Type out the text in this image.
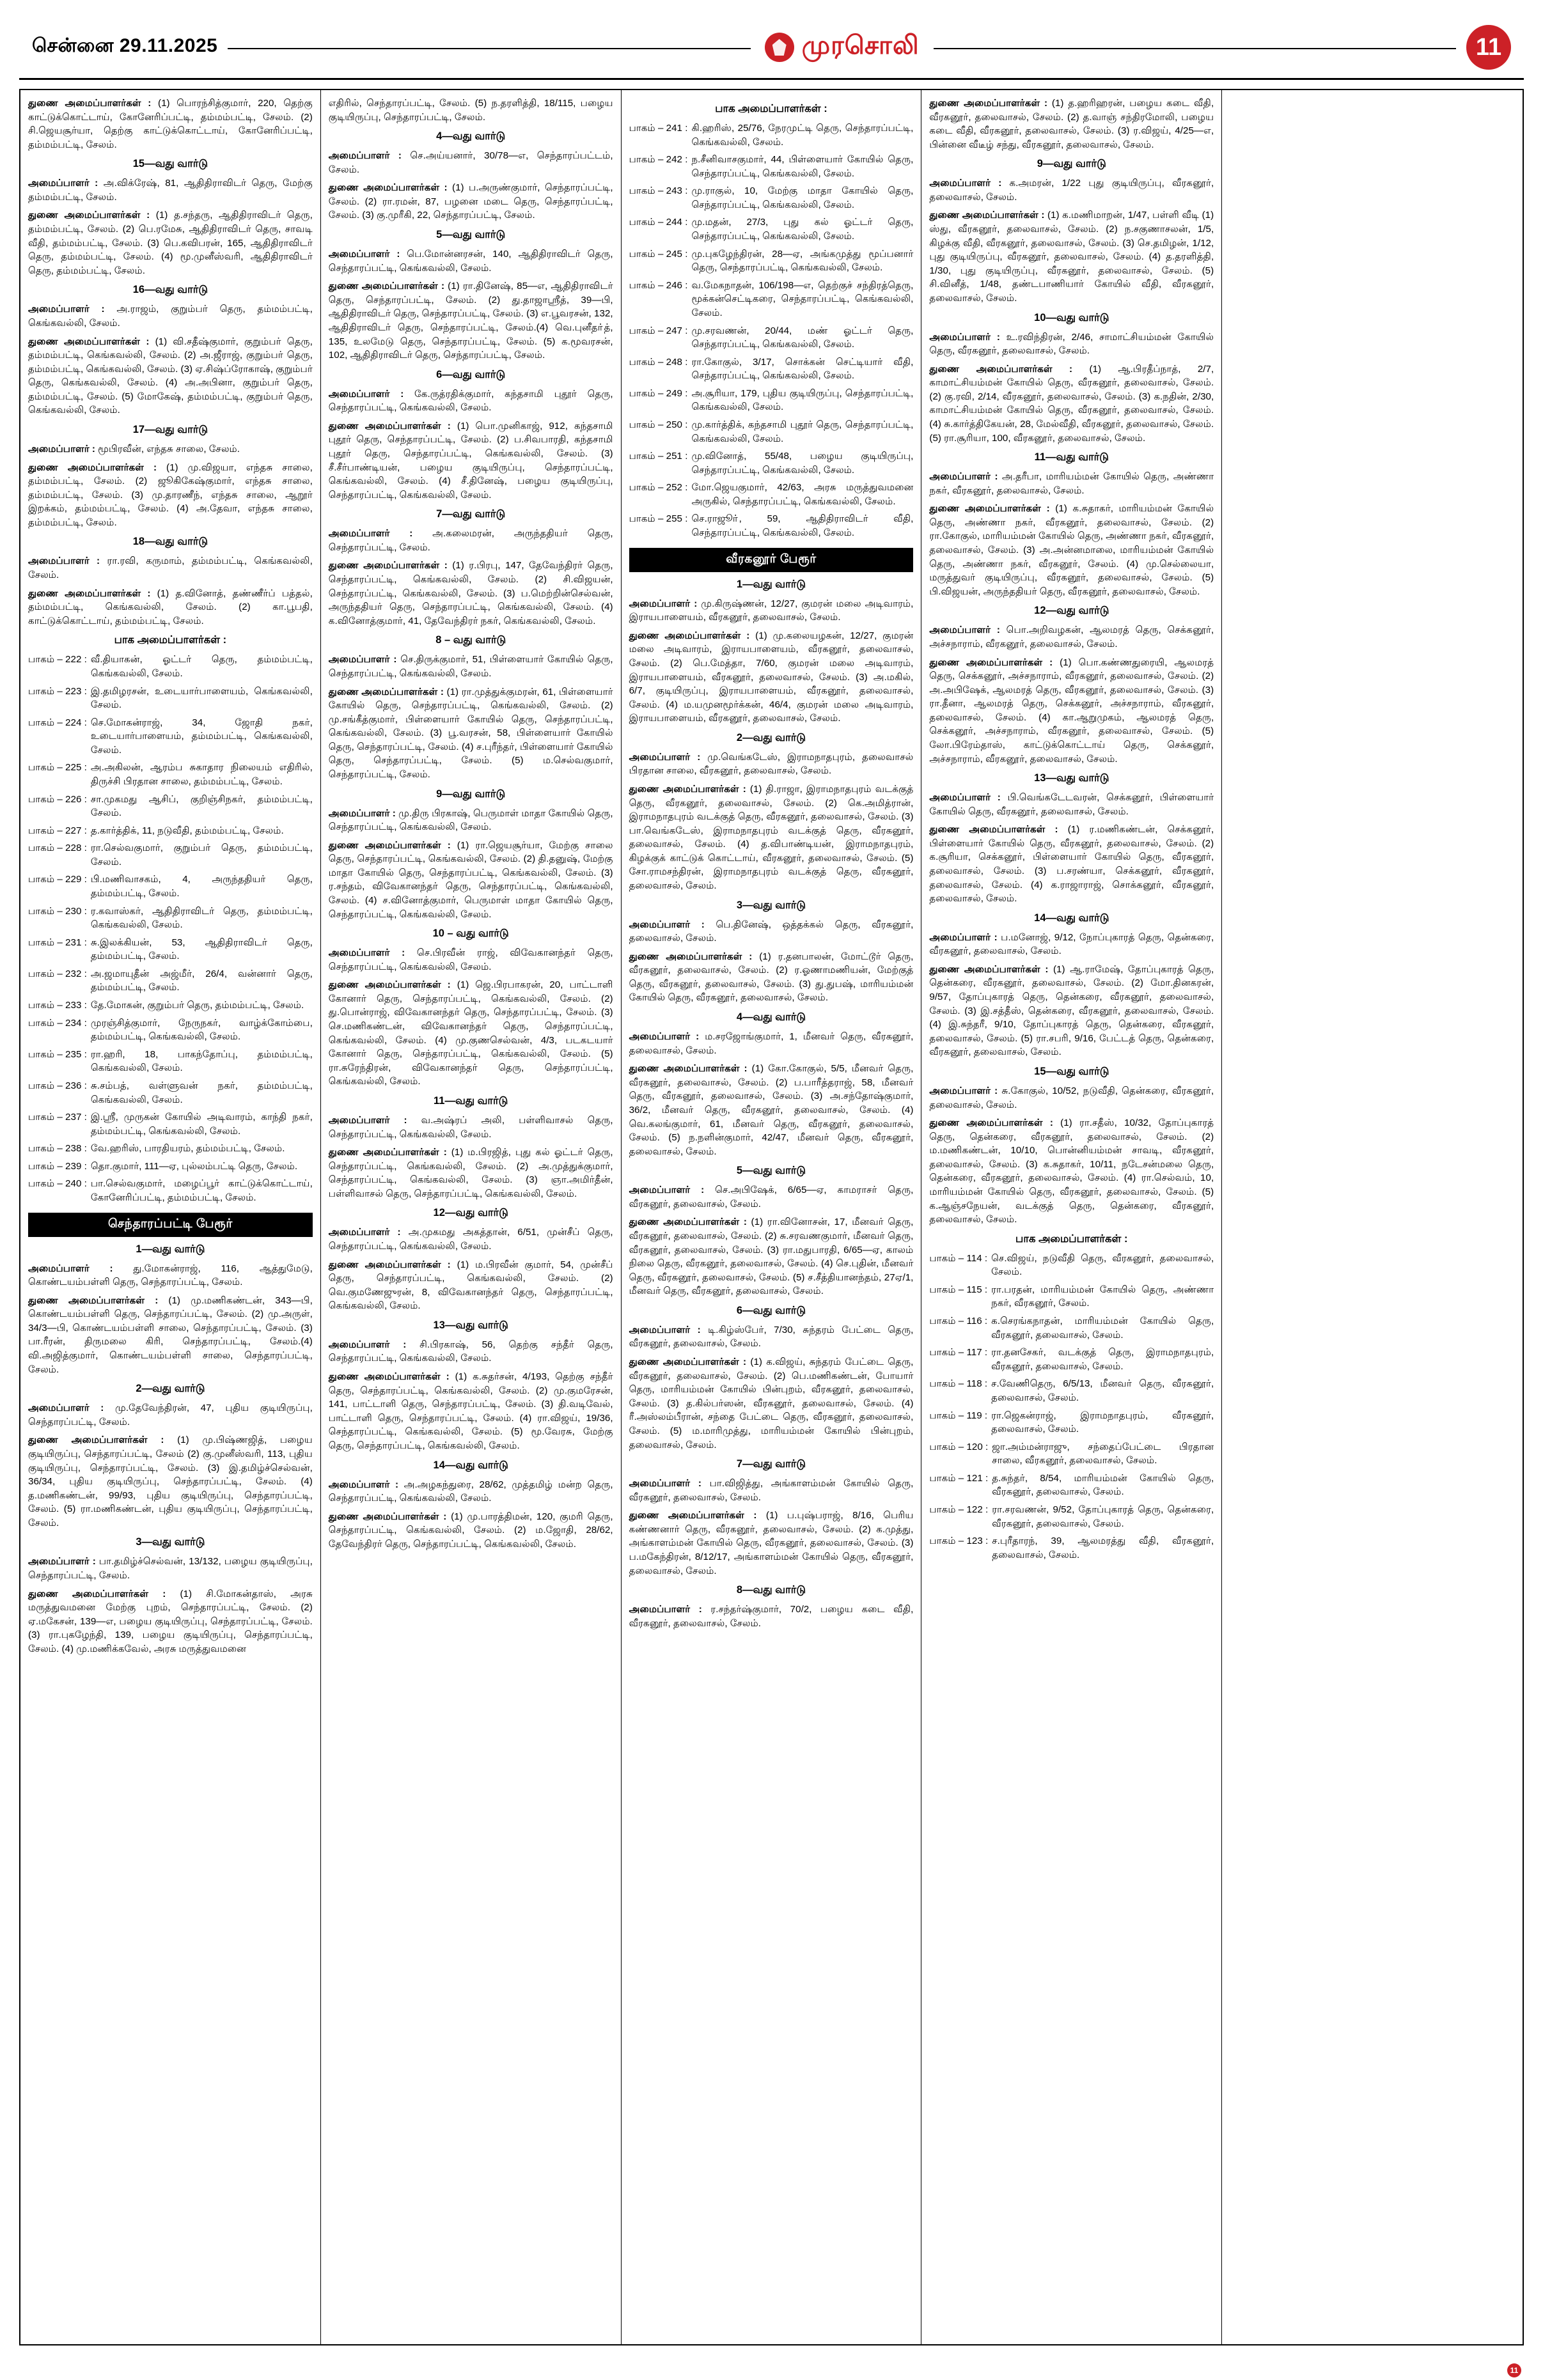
சென்னை 29.11.2025	முரசொலி	11

துணை அமைப்பாளர்கள் : (1) பொரந்சித்குமார், 220, தெற்கு காட்டுக்கொட்டாய், கோனேரிப்பட்டி, தம்மம்பட்டி, சேலம். (2) சி.ஜெயசூர்யா, தெற்கு காட்டுக்கொட்டாய், கோனேரிப்பட்டி, தம்மம்பட்டி, சேலம்.

15—வது வார்டு

அமைப்பாளர் : அ.விக்ரேஷ், 81, ஆதிதிராவிடர் தெரு, மேற்கு தம்மம்பட்டி, சேலம்.

துணை அமைப்பாளர்கள் : (1) த.சந்தரு, ஆதிதிராவிடர் தெரு, தம்மம்பட்டி, சேலம். (2) பெ.ரமேசு, ஆதிதிராவிடர் தெரு, சாவடி வீதி, தம்மம்பட்டி, சேலம். (3) பெ.கவிபரன், 165, ஆதிதிராவிடர் தெரு, தம்மம்பட்டி, சேலம். (4) மூ.முனீஸ்வரி, ஆதிதிராவிடர் தெரு, தம்மம்பட்டி, சேலம்.

16—வது வார்டு

அமைப்பாளர் : அ.ராஜம், குறும்பர் தெரு, தம்மம்பட்டி, கெங்கவல்லி, சேலம்.

துணை அமைப்பாளர்கள் : (1) வி.சதீஷ்குமார், குறும்பர் தெரு, தம்மம்பட்டி, கெங்கவல்லி, சேலம். (2) அ.ஜீராஜ், குறும்பர் தெரு, தம்மம்பட்டி, கெங்கவல்லி, சேலம். (3) ஏ.சிஷ்ப்ரோகாஷ், குறும்பர் தெரு, கெங்கவல்லி, சேலம். (4) அ.அபினா, குறும்பர் தெரு, தம்மம்பட்டி, சேலம். (5) மோகேஷ், தம்மம்பட்டி, குறும்பர் தெரு, கெங்கவல்லி, சேலம்.

17—வது வார்டு

அமைப்பாளர் : மூபிரவீன், எந்தசு சாலை, சேலம்.

துணை அமைப்பாளர்கள் : (1) மு.விஜயா, எந்தசு சாலை, தம்மம்பட்டி, சேலம். (2) ஜூகிகேஷ்குமார், எந்தசு சாலை, தம்மம்பட்டி, சேலம். (3) மு.தாரணீந், எந்தசு சாலை, ஆறூர் இறக்கம், தம்மம்பட்டி, சேலம். (4) அ.தேவா, எந்தசு சாலை, தம்மம்பட்டி, சேலம்.

18—வது வார்டு

அமைப்பாளர் : ரா.ரவி, கருமாம், தம்மம்பட்டி, கெங்கவல்லி, சேலம்.

துணை அமைப்பாளர்கள் : (1) த.வினோத், தண்ணீர்ப் பத்தல், தம்மம்பட்டி, கெங்கவல்லி, சேலம். (2) கா.பூபதி, காட்டுக்கொட்டாய், தம்மம்பட்டி, சேலம்.

பாக அமைப்பாளர்கள் :
பாகம் – 222 : வீ.தியாகன், ஓட்டர் தெரு, தம்மம்பட்டி, கெங்கவல்லி, சேலம்.
பாகம் – 223 : இ.தமிழரசன், உடையார்பாளையம், கெங்கவல்லி, சேலம்.
பாகம் – 224 : செ.மோகன்ராஜ், 34, ஜோதி நகர், உடையார்பாளையம், தம்மம்பட்டி, கெங்கவல்லி, சேலம்.
பாகம் – 225 : அ.அகிலன், ஆரம்ப சுகாதார நிலையம் எதிரில், திருச்சி பிரதான சாலை, தம்மம்பட்டி, சேலம்.
பாகம் – 226 : சா.முகமது ஆசிப், குறிஞ்சிநகர், தம்மம்பட்டி, சேலம்.
பாகம் – 227 : த.கார்த்திக், 11, நடுவீதி, தம்மம்பட்டி, சேலம்.
பாகம் – 228 : ரா.செல்வகுமார், குறும்பர் தெரு, தம்மம்பட்டி, சேலம்.
பாகம் – 229 : பி.மணிவாசகம், 4, அருந்ததியர் தெரு, தம்மம்பட்டி, சேலம்.
பாகம் – 230 : ர.கவாஸ்கர், ஆதிதிராவிடர் தெரு, தம்மம்பட்டி, கெங்கவல்லி, சேலம்.
பாகம் – 231 : சு.இலக்கியன், 53, ஆதிதிராவிடர் தெரு, தம்மம்பட்டி, சேலம்.
பாகம் – 232 : அ.ஜமாயுதீன் அஜ்மீர், 26/4, வன்னார் தெரு, தம்மம்பட்டி, சேலம்.
பாகம் – 233 : தே.மோகன், குறும்பர் தெரு, தம்மம்பட்டி, சேலம்.
பாகம் – 234 : முரஞ்சித்குமார், நேருநகர், வாழ்க்கோம்பை, தம்மம்பட்டி, கெங்கவல்லி, சேலம்.
பாகம் – 235 : ரா.ஹரி, 18, பாகந்தோப்பு, தம்மம்பட்டி, கெங்கவல்லி, சேலம்.
பாகம் – 236 : சு.சம்பத், வள்ளுவன் நகர், தம்மம்பட்டி, கெங்கவல்லி, சேலம்.
பாகம் – 237 : இ.ஸ்ரீ, முருகன் கோயில் அடிவாரம், காந்தி நகர், தம்மம்பட்டி, கெங்கவல்லி, சேலம்.
பாகம் – 238 : வே.ஹரிஸ், பாரதியரம், தம்மம்பட்டி, சேலம்.
பாகம் – 239 : தொ.குமார், 111—ஏ, புல்லம்பட்டி தெரு, சேலம்.
பாகம் – 240 : பா.செல்வகுமார், மழைப்பூர் காட்டுக்கொட்டாய், கோனேரிப்பட்டி, தம்மம்பட்டி, சேலம்.
செந்தாரப்பட்டி பேரூர்
1—வது வார்டு

அமைப்பாளர் : து.மோகன்ராஜ், 116, ஆத்துமேடு, கொண்டயம்பள்ளி தெரு, செந்தாரப்பட்டி, சேலம்.

துணை அமைப்பாளர்கள் : (1) மு.மணிகண்டன், 343—பி, கொண்டயம்பள்ளி தெரு, செந்தாரப்பட்டி, சேலம். (2) மு.அருள், 34/3—பி, கொண்டயம்பள்ளி சாலை, செந்தாரப்பட்டி, சேலம். (3) பா.ரீரன், திருமலை கிரி, செந்தாரப்பட்டி, சேலம்.(4) வி.அஜித்குமார், கொண்டயம்பள்ளி சாலை, செந்தாரப்பட்டி, சேலம்.

2—வது வார்டு

அமைப்பாளர் : மு.தேவேந்திரன், 47, புதிய குடியிருப்பு, செந்தாரப்பட்டி, சேலம்.

துணை அமைப்பாளர்கள் : (1) மு.பிஷ்ணஜித், பழைய குடியிருப்பு, செந்தாரப்பட்டி, சேலம் (2) கு.முனீஸ்வரி, 113, புதிய குடியிருப்பு, செந்தாரப்பட்டி, சேலம். (3) இ.தமிழ்ச்செல்வன், 36/34, புதிய குடியிருப்பு, செந்தாரப்பட்டி, சேலம். (4) த.மணிகண்டன், 99/93, புதிய குடியிருப்பு, செந்தாரப்பட்டி, சேலம். (5) ரா.மணிகண்டன், புதிய குடியிருப்பு, செந்தாரப்பட்டி, சேலம்.

3—வது வார்டு

அமைப்பாளர் : பா.தமிழ்ச்செல்வன், 13/132, பழைய குடியிருப்பு, செந்தாரப்பட்டி, சேலம்.

துணை அமைப்பாளர்கள் : (1) சி.மோகன்தாஸ், அரசு மருத்துவமனை மேற்கு புறம், செந்தாரப்பட்டி, சேலம். (2) ஏ.மகேசன், 139—எ, பழைய குடியிருப்பு, செந்தாரப்பட்டி, சேலம். (3) ரா.புகழேந்தி, 139, பழைய குடியிருப்பு, செந்தாரப்பட்டி, சேலம். (4) மு.மணிக்கவேல், அரசு மருத்துவமனை

எதிரில், செந்தாரப்பட்டி, சேலம். (5) ந.தரளித்தி, 18/115, பழைய குடியிருப்பு, செந்தாரப்பட்டி, சேலம்.

4—வது வார்டு

அமைப்பாளர் : செ.அய்யனார், 30/78—எ, செந்தாரப்பட்டம், சேலம்.

துணை அமைப்பாளர்கள் : (1) ப.அருண்குமார், செந்தாரப்பட்டி, சேலம். (2) ரா.ரமன், 87, பழனை மடை தெரு, செந்தாரப்பட்டி, சேலம். (3) கு.முரீகி, 22, செந்தாரப்பட்டி, சேலம்.

5—வது வார்டு

அமைப்பாளர் : பெ.மோன்னரசன், 140, ஆதிதிராவிடர் தெரு, செந்தாரப்பட்டி, கெங்கவல்லி, சேலம்.

துணை அமைப்பாளர்கள் : (1) ரா.தினேஷ், 85—எ, ஆதிதிராவிடர் தெரு, செந்தாரப்பட்டி, சேலம். (2) து.தாஜாஸ்ரீத், 39—பி, ஆதிதிராவிடர் தெரு, செந்தாரப்பட்டி, சேலம். (3) எ.பூவரசன், 132, ஆதிதிராவிடர் தெரு, செந்தாரப்பட்டி, சேலம்.(4) வெ.புனீதா்த், 135, உலமேடு தெரு, செந்தாரப்பட்டி, சேலம். (5) க.மூவரசன், 102, ஆதிதிராவிடர் தெரு, செந்தாரப்பட்டி, சேலம்.

6—வது வார்டு

அமைப்பாளர் : கே.ருத்ரதிக்குமார், கந்தசாமி புதூர் தெரு, செந்தாரப்பட்டி, கெங்கவல்லி, சேலம்.

துணை அமைப்பாளர்கள் : (1) பொ.முனிகாஜ், 912, கந்தசாமி புதூர் தெரு, செந்தாரப்பட்டி, சேலம். (2) ப.சிவபாரதி, கந்தசாமி புதூர் தெரு, செந்தாரப்பட்டி, கெங்கவல்லி, சேலம். (3) சீ.சீர்பாண்டியன், பழைய குடியிருப்பு, செந்தாரப்பட்டி, கெங்கவல்லி, சேலம். (4) சீ.தினேஷ், பழைய குடியிருப்பு, செந்தாரப்பட்டி, கெங்கவல்லி, சேலம்.

7—வது வார்டு

அமைப்பாளர் : அ.கலைமரன், அருந்ததியர் தெரு, செந்தாரப்பட்டி, சேலம்.

துணை அமைப்பாளர்கள் : (1) ர.பிரபு, 147, தேவேந்திரர் தெரு, செந்தாரப்பட்டி, கெங்கவல்லி, சேலம். (2) சி.விஜயன், செந்தாரப்பட்டி, கெங்கவல்லி, சேலம். (3) ப.மெற்றின்செல்வன், அருந்ததியர் தெரு, செந்தாரப்பட்டி, கெங்கவல்லி, சேலம். (4) க.வினோத்குமார், 41, தேவேந்திரர் நகர், கெங்கவல்லி, சேலம்.

8 – வது வார்டு

அமைப்பாளர் : செ.திருக்குமார், 51, பிள்ளையார் கோயில் தெரு, செந்தாரப்பட்டி, கெங்கவல்லி, சேலம்.

துணை அமைப்பாளர்கள் : (1) ரா.முத்துக்குமரன், 61, பிள்ளையார் கோயில் தெரு, செந்தாரப்பட்டி, கெங்கவல்லி, சேலம். (2) மு.சங்கீத்குமார், பிள்ளையார் கோயில் தெரு, செந்தாரப்பட்டி, கெங்கவல்லி, சேலம். (3) பூ.வரசன், 58, பிள்ளையார் கோயில் தெரு, செந்தாரப்பட்டி, சேலம். (4) ச.புரீந்தர், பிள்ளையார் கோயில் தெரு, செந்தாரப்பட்டி, சேலம். (5) ம.செல்வகுமார், செந்தாரப்பட்டி, சேலம்.

9—வது வார்டு

அமைப்பாளர் : மு.திரு பிரகாஷ், பெருமாள் மாதா கோயில் தெரு, செந்தாரப்பட்டி, கெங்கவல்லி, சேலம்.

துணை அமைப்பாளர்கள் : (1) ரா.ஜெயசூர்யா, மேற்கு சாலை தெரு, செந்தாரப்பட்டி, கெங்கவல்லி, சேலம். (2) தி.தனுஷ், மேற்கு மாதா கோயில் தெரு, செந்தாரப்பட்டி, கெங்கவல்லி, சேலம். (3) ர.சந்தம், விவேகானந்தர் தெரு, செந்தாரப்பட்டி, கெங்கவல்லி, சேலம். (4) ச.வினோத்குமார், பெருமாள் மாதா கோயில் தெரு, செந்தாரப்பட்டி, கெங்கவல்லி, சேலம்.

10 – வது வார்டு

அமைப்பாளர் : செ.பிரவீன் ராஜ், விவேகானந்தர் தெரு, செந்தாரப்பட்டி, கெங்கவல்லி, சேலம்.

துணை அமைப்பாளர்கள் : (1) ஜெ.பிரபாகரன், 20, பாட்டாளி கோனார் தெரு, செந்தாரப்பட்டி, கெங்கவல்லி, சேலம். (2) து.பொன்ராஜ், விவேகானந்தர் தெரு, செந்தாரப்பட்டி, சேலம். (3) செ.மணிகண்டன், விவேகானந்தர் தெரு, செந்தாரப்பட்டி, கெங்கவல்லி, சேலம். (4) மு.குணசெல்வன், 4/3, படகடயார் கோனார் தெரு, செந்தாரப்பட்டி, கெங்கவல்லி, சேலம். (5) ரா.சுரேந்திரன், விவேகானந்தர் தெரு, செந்தாரப்பட்டி, கெங்கவல்லி, சேலம்.

11—வது வார்டு

அமைப்பாளர் : வ.அஷ்ரப் அலி, பள்ளிவாசல் தெரு, செந்தாரப்பட்டி, கெங்கவல்லி, சேலம்.

துணை அமைப்பாளர்கள் : (1) ம.பிரஜித், புது கல் ஓட்டர் தெரு, செந்தாரப்பட்டி, கெங்கவல்லி, சேலம். (2) அ.முத்துக்குமார், செந்தாரப்பட்டி, கெங்கவல்லி, சேலம். (3) ஞா.அமிர்தீன், பள்ளிவாசல் தெரு, செந்தாரப்பட்டி, கெங்கவல்லி, சேலம்.

12—வது வார்டு

அமைப்பாளர் : அ.முகமது அகத்தான், 6/51, முன்சீப் தெரு, செந்தாரப்பட்டி, கெங்கவல்லி, சேலம்.

துணை அமைப்பாளர்கள் : (1) ம.பிரவீன் குமார், 54, முன்சீப் தெரு, செந்தாரப்பட்டி, கெங்கவல்லி, சேலம். (2) வெ.குமணேஜுரன், 8, விவேகானந்தர் தெரு, செந்தாரப்பட்டி, கெங்கவல்லி, சேலம்.

13—வது வார்டு

அமைப்பாளர் : சி.பிரகாஷ், 56, தெற்கு சந்தீர் தெரு, செந்தாரப்பட்டி, கெங்கவல்லி, சேலம்.

துணை அமைப்பாளர்கள் : (1) க.சுதர்சன், 4/193, தெற்கு சந்தீர் தெரு, செந்தாரப்பட்டி, கெங்கவல்லி, சேலம். (2) மு.குமரேசன், 141, பாட்டாளி தெரு, செந்தாரப்பட்டி, சேலம். (3) தி.வடிவேல், பாட்டாளி தெரு, செந்தாரப்பட்டி, சேலம். (4) ரா.விஜய், 19/36, செந்தாரப்பட்டி, கெங்கவல்லி, சேலம். (5) மூ.வேரசு, மேற்கு தெரு, செந்தாரப்பட்டி, கெங்கவல்லி, சேலம்.

14—வது வார்டு

அமைப்பாளர் : அ.அழகந்துரை, 28/62, முத்தமிழ் மன்ற தெரு, செந்தாரப்பட்டி, கெங்கவல்லி, சேலம்.

துணை அமைப்பாளர்கள் : (1) மு.பாரத்திமன், 120, குமரி தெரு, செந்தாரப்பட்டி, கெங்கவல்லி, சேலம். (2) ம.ஜோதி, 28/62, தேவேந்திரர் தெரு, செந்தாரப்பட்டி, கெங்கவல்லி, சேலம்.

பாக அமைப்பாளர்கள் :
பாகம் – 241 : கி.ஹரிஸ், 25/76, நேரமுட்டி தெரு, செந்தாரப்பட்டி, கெங்கவல்லி, சேலம்.
பாகம் – 242 : ந.சீனிவாசகுமார், 44, பிள்ளையார் கோயில் தெரு, செந்தாரப்பட்டி, கெங்கவல்லி, சேலம்.
பாகம் – 243 : மு.ராகுல், 10, மேற்கு மாதா கோயில் தெரு, செந்தாரப்பட்டி, கெங்கவல்லி, சேலம்.
பாகம் – 244 : மு.மதன், 27/3, புது கல் ஓட்டர் தெரு, செந்தாரப்பட்டி, கெங்கவல்லி, சேலம்.
பாகம் – 245 : மு.புகழேந்திரன், 28—ஏ, அங்கமுத்து மூப்பனார் தெரு, செந்தாரப்பட்டி, கெங்கவல்லி, சேலம்.
பாகம் – 246 : வ.மேகநாதன், 106/198—எ, தெற்குச் சந்திரத்தெரு, மூக்கன்செட்டிகரை, செந்தாரப்பட்டி, கெங்கவல்லி, சேலம்.
பாகம் – 247 : மு.சரவணன், 20/44, மண் ஓட்டர் தெரு, செந்தாரப்பட்டி, கெங்கவல்லி, சேலம்.
பாகம் – 248 : ரா.கோகுல், 3/17, சொக்கன் செட்டியார் வீதி, செந்தாரப்பட்டி, கெங்கவல்லி, சேலம்.
பாகம் – 249 : அ.சூரியா, 179, புதிய குடியிருப்பு, செந்தாரப்பட்டி, கெங்கவல்லி, சேலம்.
பாகம் – 250 : மு.கார்த்திக், கந்தசாமி புதூர் தெரு, செந்தாரப்பட்டி, கெங்கவல்லி, சேலம்.
பாகம் – 251 : மு.வினோத், 55/48, பழைய குடியிருப்பு, செந்தாரப்பட்டி, கெங்கவல்லி, சேலம்.
பாகம் – 252 : மோ.ஜெயகுமார், 42/63, அரசு மருத்துவமனை அருகில், செந்தாரப்பட்டி, கெங்கவல்லி, சேலம்.
பாகம் – 255 : செ.ராஜூா், 59, ஆதிதிராவிடர் வீதி, செந்தாரப்பட்டி, கெங்கவல்லி, சேலம்.
வீரகனூர் பேரூர்
1—வது வார்டு

அமைப்பாளர் : மு.கிருஷ்ணன், 12/27, குமரன் மலை அடிவாரம், இராயபாளையம், வீரகனூர், தலைவாசல், சேலம்.

துணை அமைப்பாளர்கள் : (1) மு.கலையழகன், 12/27, குமரன் மலை அடிவாரம், இராயபாளையம், வீரகனூர், தலைவாசல், சேலம். (2) பெ.மேத்தா, 7/60, குமரன் மலை அடிவாரம், இராயபாளையம், வீரகனூர், தலைவாசல், சேலம். (3) அ.மகில், 6/7, குடியிருப்பு, இராயபாளையம், வீரகனூர், தலைவாசல், சேலம். (4) ம.யமுனமூர்க்கன், 46/4, குமரன் மலை அடிவாரம், இராயபாளையம், வீரகனூர், தலைவாசல், சேலம்.

2—வது வார்டு

அமைப்பாளர் : மு.வெங்கடேஸ், இராமநாதபுரம், தலைவாசல் பிரதான சாலை, வீரகனூர், தலைவாசல், சேலம்.

துணை அமைப்பாளர்கள் : (1) தி.ராஜா, இராமநாதபுரம் வடக்குத் தெரு, வீரகனூர், தலைவாசல், சேலம். (2) கெ.அமித்ரான், இராமநாதபுரம் வடக்குத் தெரு, வீரகனூர், தலைவாசல், சேலம். (3) பா.வெங்கடேஸ், இராமநாதபுரம் வடக்குத் தெரு, வீரகனூர், தலைவாசல், சேலம். (4) த.விபாண்டியன், இராமநாதபுரம், கிழக்குக் காட்டுக் கொட்டாய், வீரகனூர், தலைவாசல், சேலம். (5) சோ.ராமசந்திரன், இராமநாதபுரம் வடக்குத் தெரு, வீரகனூர், தலைவாசல், சேலம்.

3—வது வார்டு

அமைப்பாளர் : பெ.தினேஷ், ஒத்தக்கல் தெரு, வீரகனூர், தலைவாசல், சேலம்.

துணை அமைப்பாளர்கள் : (1) ர.தனபாலன், மோட்டூர் தெரு, வீரகனூர், தலைவாசல், சேலம். (2) ர.ஓணாமணியன், மேற்குத் தெரு, வீரகனூர், தலைவாசல், சேலம். (3) து.துபஷ், மாரியம்மன் கோயில் தெரு, வீரகனூர், தலைவாசல், சேலம்.

4—வது வார்டு

அமைப்பாளர் : ம.சரஜோங்குமார், 1, மீனவர் தெரு, வீரகனூர், தலைவாசல், சேலம்.

துணை அமைப்பாளர்கள் : (1) கோ.கோகுல், 5/5, மீனவர் தெரு, வீரகனூர், தலைவாசல், சேலம். (2) ப.பாரீத்தராஜ், 58, மீனவர் தெரு, வீரகனூர், தலைவாசல், சேலம். (3) அ.சந்தோஷ்குமார், 36/2, மீனவர் தெரு, வீரகனூர், தலைவாசல், சேலம். (4) வெ.கலங்குமார், 61, மீனவர் தெரு, வீரகனூர், தலைவாசல், சேலம். (5) ந.நளின்குமார், 42/47, மீனவர் தெரு, வீரகனூர், தலைவாசல், சேலம்.

5—வது வார்டு

அமைப்பாளர் : செ.அபிஷேக், 6/65—ஏ, காமராசர் தெரு, வீரகனூர், தலைவாசல், சேலம்.

துணை அமைப்பாளர்கள் : (1) ரா.வினோசன், 17, மீனவர் தெரு, வீரகனூர், தலைவாசல், சேலம். (2) சு.சரவணகுமார், மீனவர் தெரு, வீரகனூர், தலைவாசல், சேலம். (3) ரா.மதுபாரதி, 6/65—ஏ, காலம் நிலை தெரு, வீரகனூர், தலைவாசல், சேலம். (4) செ.புதின், மீனவர் தெரு, வீரகனூர், தலைவாசல், சேலம். (5) ச.சீத்தியானந்தம், 27ஏ/1, மீனவர் தெரு, வீரகனூர், தலைவாசல், சேலம்.

6—வது வார்டு

அமைப்பாளர் : டி.கிழ்ஸ்பேர், 7/30, சுந்தரம் பேட்டை தெரு, வீரகனூர், தலைவாசல், சேலம்.

துணை அமைப்பாளர்கள் : (1) க.விஜய், சுந்தரம் பேட்டை தெரு, வீரகனூர், தலைவாசல், சேலம். (2) பெ.மணிகண்டன், போயார் தெரு, மாரியம்மன் கோயில் பின்புறம், வீரகனூர், தலைவாசல், சேலம். (3) த.கில்பர்ஸன், வீரகனூர், தலைவாசல், சேலம். (4) ரீ.அஸ்லம்பீரான், சந்தை பேட்டை தெரு, வீரகனூர், தலைவாசல், சேலம். (5) ம.மாரிமுத்து, மாரியம்மன் கோயில் பின்புறம், தலைவாசல், சேலம்.

7—வது வார்டு

அமைப்பாளர் : பா.விஜித்து, அங்காளம்மன் கோயில் தெரு, வீரகனூர், தலைவாசல், சேலம்.

துணை அமைப்பாளர்கள் : (1) ப.புஷ்பராஜ், 8/16, பெரிய கண்ணனார் தெரு, வீரகனூர், தலைவாசல், சேலம். (2) க.முத்து, அங்காளம்மன் கோயில் தெரு, வீரகனூர், தலைவாசல், சேலம். (3) ப.மகேந்திரன், 8/12/17, அங்காளம்மன் கோயில் தெரு, வீரகனூர், தலைவாசல், சேலம்.

8—வது வார்டு

அமைப்பாளர் : ர.சந்தர்ஷ்குமார், 70/2, பழைய கடை வீதி, வீரகனூர், தலைவாசல், சேலம்.

துணை அமைப்பாளர்கள் : (1) த.ஹரிஹரன், பழைய கடை வீதி, வீரகனூர், தலைவாசல், சேலம். (2) த.வாஞ் சந்திரமோலி, பழைய கடை வீதி, வீரகனூர், தலைவாசல், சேலம். (3) ர.விஜய், 4/25—எ, பின்னை வீடீழ் சந்து, வீரகனூர், தலைவாசல், சேலம்.

9—வது வார்டு

அமைப்பாளர் : க.அமரன், 1/22 புது குடியிருப்பு, வீரகனூர், தலைவாசல், சேலம்.

துணை அமைப்பாளர்கள் : (1) க.மணிமாறன், 1/47, பள்ளி வீடி (1) ஸ்து, வீரகனூர், தலைவாசல், சேலம். (2) ந.சகுணாசலன், 1/5, கிழக்கு வீதி, வீரகனூர், தலைவாசல், சேலம். (3) செ.தமிழன், 1/12, புது குடியிருப்பு, வீரகனூர், தலைவாசல், சேலம். (4) த.தரளித்தி, 1/30, புது குடியிருப்பு, வீரகனூர், தலைவாசல், சேலம். (5) சி.வினீத், 1/48, தண்டபாணியார் கோயில் வீதி, வீரகனூர், தலைவாசல், சேலம்.

10—வது வார்டு

அமைப்பாளர் : உ.ரவிந்திரன், 2/46, சாமாட்சியம்மன் கோயில் தெரு, வீரகனூர், தலைவாசல், சேலம்.

துணை அமைப்பாளர்கள் : (1) ஆ.பிரதீப்நாத், 2/7, காமாட்சியம்மன் கோயில் தெரு, வீரகனூர், தலைவாசல், சேலம். (2) கு.ரவி, 2/14, வீரகனூர், தலைவாசல், சேலம். (3) க.நதின், 2/30, காமாட்சியம்மன் கோயில் தெரு, வீரகனூர், தலைவாசல், சேலம். (4) சு.கார்த்திகேயன், 28, மேல்வீதி, வீரகனூர், தலைவாசல், சேலம். (5) ரா.சூரியா, 100, வீரகனூர், தலைவாசல், சேலம்.

11—வது வார்டு

அமைப்பாளர் : அ.தரீபா, மாரியம்மன் கோயில் தெரு, அண்ணா நகர், வீரகனூர், தலைவாசல், சேலம்.

துணை அமைப்பாளர்கள் : (1) க.சுதாகர், மாரியம்மன் கோயில் தெரு, அண்ணா நகர், வீரகனூர், தலைவாசல், சேலம். (2) ரா.கோகுல், மாரியம்மன் கோயில் தெரு, அண்ணா நகர், வீரகனூர், தலைவாசல், சேலம். (3) அ.அன்னமாலை, மாரியம்மன் கோயில் தெரு, அண்ணா நகர், வீரகனூர், சேலம். (4) மு.செல்லையா, மருத்துவர் குடியிருப்பு, வீரகனூர், தலைவாசல், சேலம். (5) பி.விஜயன், அருந்ததியர் தெரு, வீரகனூர், தலைவாசல், சேலம்.

12—வது வார்டு

அமைப்பாளர் : பொ.அறிவழகன், ஆலமரத் தெரு, செக்கனூர், அச்சநாராம், வீரகனூர், தலைவாசல், சேலம்.

துணை அமைப்பாளர்கள் : (1) பொ.கண்ணதுரையி, ஆலமரத் தெரு, செக்கனூர், அச்சநாராம், வீரகனூர், தலைவாசல், சேலம். (2) அ.அபிஷேக், ஆலமரத் தெரு, வீரகனூர், தலைவாசல், சேலம். (3) ரா.தீனா, ஆலமரத் தெரு, செக்கனூர், அச்சநாராம், வீரகனூர், தலைவாசல், சேலம். (4) கா.ஆறுமுகம், ஆலமரத் தெரு, செக்கனூர், அச்சநாராம், வீரகனூர், தலைவாசல், சேலம். (5) லோ.பிரேம்தாஸ், காட்டுக்கொட்டாய் தெரு, செக்கனூர், அச்சநாராம், வீரகனூர், தலைவாசல், சேலம்.

13—வது வார்டு

அமைப்பாளர் : பி.வெங்கடேடவரன், செக்கனூர், பிள்ளையார் கோயில் தெரு, வீரகனூர், தலைவாசல், சேலம்.

துணை அமைப்பாளர்கள் : (1) ர.மணிகண்டன், செக்கனூர், பிள்ளையார் கோயில் தெரு, வீரகனூர், தலைவாசல், சேலம். (2) க.சூரியா, செக்கனூர், பிள்ளையார் கோயில் தெரு, வீரகனூர், தலைவாசல், சேலம். (3) ப.சரண்யா, செக்கனூர், வீரகனூர், தலைவாசல், சேலம். (4) க.ராஜாராஜ், சொக்கனூர், வீரகனூர், தலைவாசல், சேலம்.

14—வது வார்டு

அமைப்பாளர் : ப.மனோஜ், 9/12, நோப்புகாரத் தெரு, தென்கரை, வீரகனூர், தலைவாசல், சேலம்.

துணை அமைப்பாளர்கள் : (1) ஆ.ராமேஷ், தோப்புகாரத் தெரு, தென்கரை, வீரகனூர், தலைவாசல், சேலம். (2) மோ.தினகரன், 9/57, தோப்புகாரத் தெரு, தென்கரை, வீரகனூர், தலைவாசல், சேலம். (3) இ.சத்தீஸ், தென்கரை, வீரகனூர், தலைவாசல், சேலம். (4) இ.சுந்தரீ, 9/10, தோப்புகாரத் தெரு, தென்கரை, வீரகனூர், தலைவாசல், சேலம். (5) ரா.சபரி, 9/16, பேட்டத் தெரு, தென்கரை, வீரகனூர், தலைவாசல், சேலம்.

15—வது வார்டு

அமைப்பாளர் : சு.கோகுல், 10/52, நடுவீதி, தென்கரை, வீரகனூர், தலைவாசல், சேலம்.

துணை அமைப்பாளர்கள் : (1) ரா.சதீஸ், 10/32, தோப்புகாரத் தெரு, தென்கரை, வீரகனூர், தலைவாசல், சேலம். (2) ம.மணிகண்டன், 10/10, பொன்னியம்மன் சாவடி, வீரகனூர், தலைவாசல், சேலம். (3) க.சுதாகர், 10/11, நடேசன்மலை தெரு, தென்கரை, வீரகனூர், தலைவாசல், சேலம். (4) ரா.செல்வம், 10, மாரியம்மன் கோயில் தெரு, வீரகனூர், தலைவாசல், சேலம். (5) க.ஆஞ்சநேயன், வடக்குத் தெரு, தென்கரை, வீரகனூர், தலைவாசல், சேலம்.

பாக அமைப்பாளர்கள் :
பாகம் – 114 : செ.விஜய், நடுவீதி தெரு, வீரகனூர், தலைவாசல், சேலம்.
பாகம் – 115 : ரா.பரதன், மாரியம்மன் கோயில் தெரு, அண்ணா நகர், வீரகனூர், சேலம்.
பாகம் – 116 : க.செரங்கநாதன், மாரியம்மன் கோயில் தெரு, வீரகனூர், தலைவாசல், சேலம்.
பாகம் – 117 : ரா.தனசேகர், வடக்குத் தெரு, இராமநாதபுரம், வீரகனூர், தலைவாசல், சேலம்.
பாகம் – 118 : ச.வேணிதெரு, 6/5/13, மீனவர் தெரு, வீரகனூர், தலைவாசல், சேலம்.
பாகம் – 119 : ரா.ஜெகன்ராஜ், இராமநாதபுரம், வீரகனூர், தலைவாசல், சேலம்.
பாகம் – 120 : ஜா.அம்மன்ராஜு, சந்தைப்பேட்டை பிரதான சாலை, வீரகனூர், தலைவாசல், சேலம்.
பாகம் – 121 : த.சுந்தர், 8/54, மாரியம்மன் கோயில் தெரு, வீரகனூர், தலைவாசல், சேலம்.
பாகம் – 122 : ரா.சரவணன், 9/52, தோப்புகாரத் தெரு, தென்கரை, வீரகனூர், தலைவாசல், சேலம்.
பாகம் – 123 : ச.புரீதாரந், 39, ஆலமரத்து வீதி, வீரகனூர், தலைவாசல், சேலம்.
11
